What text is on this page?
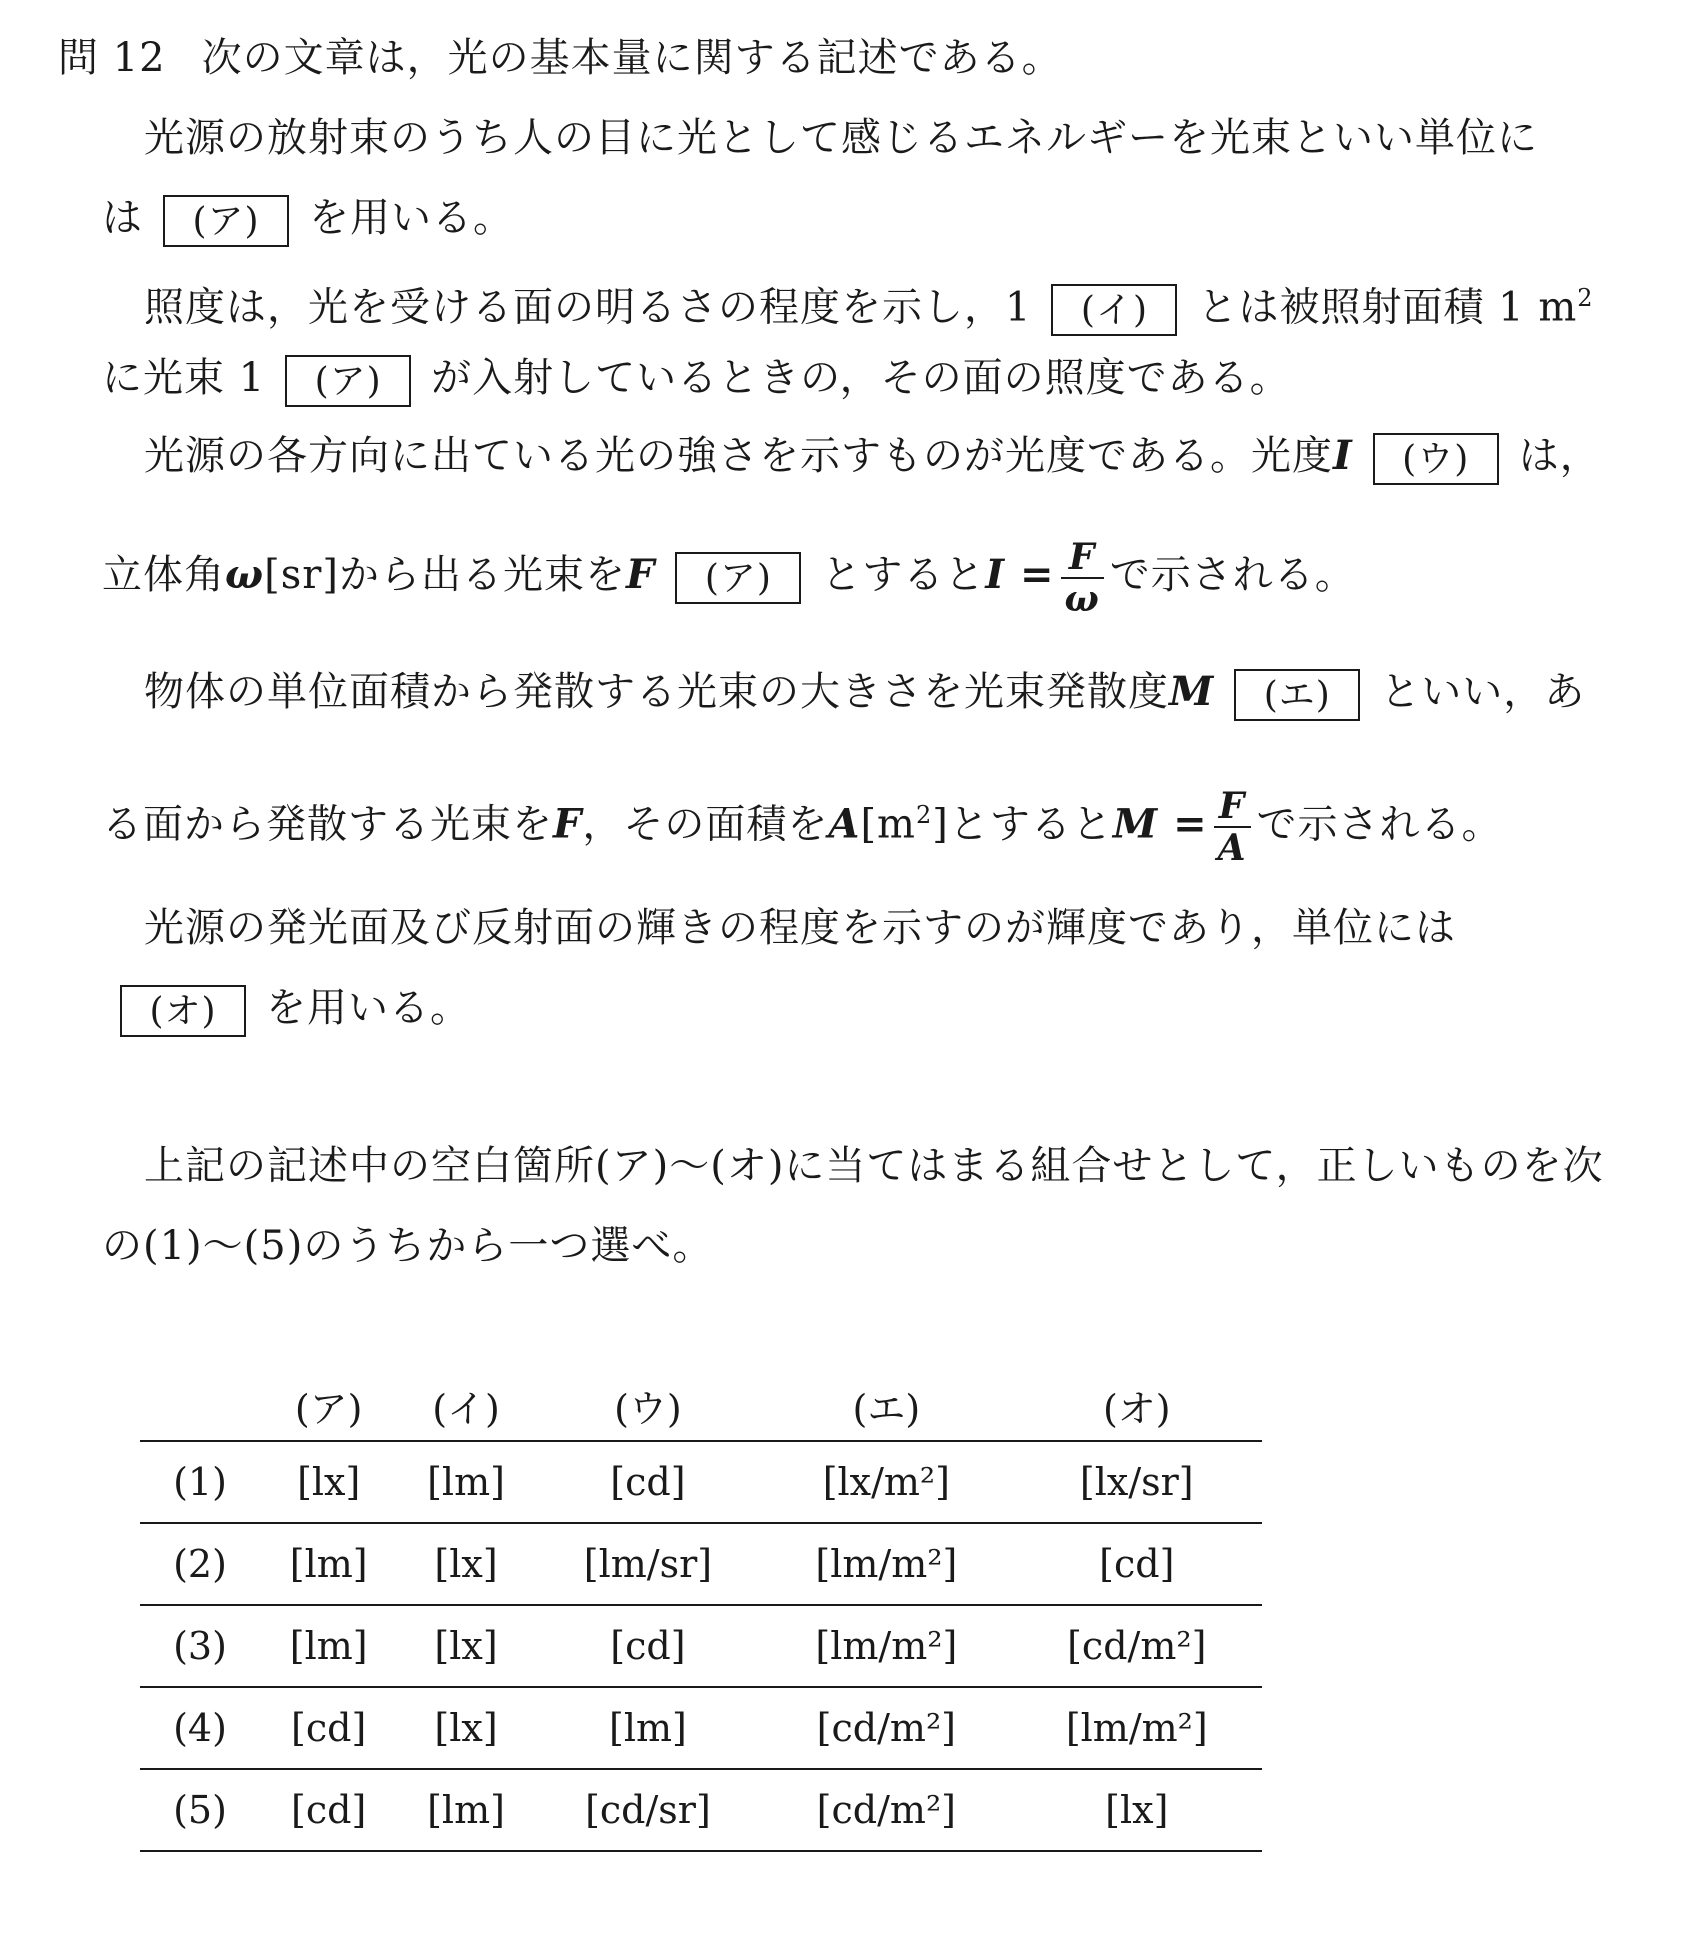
問 12 次の文章は，光の基本量に関する記述である。
光源の放射束のうち人の目に光として感じるエネルギーを光束といい単位に
は (ア) を用いる。
照度は，光を受ける面の明るさの程度を示し，1 (イ) とは被照射面積 1 $m^2$
に光束 1 (ア) が入射しているときの，その面の照度である。
光源の各方向に出ている光の強さを示すものが光度である。光度I (ウ) は，
立体角ω[sr]から出る光束をF (ア) とすると$I = \frac{F}{\omega}$ で示される。
物体の単位面積から発散する光束の大きさを光束発散度M (エ) といい，あ
る面から発散する光束をF，その面積を$A[m^2]$とすると$M = \frac{F}{A}$ で示される。
光源の発光面及び反射面の輝きの程度を示すのが輝度であり，単位には
(オ) を用いる。
上記の記述中の空白箇所(ア)～(オ)に当てはまる組合せとして，正しいものを次
の(1)～(5)のうちから一つ選べ。
	(ア)	(イ)	(ウ)	(エ)	(オ)
(1)	[lx]	[lm]	[cd]	[lx/m²]	[lx/sr]
(2)	[lm]	[lx]	[lm/sr]	[lm/m²]	[cd]
(3)	[lm]	[lx]	[cd]	[lm/m²]	[cd/m²]
(4)	[cd]	[lx]	[lm]	[cd/m²]	[lm/m²]
(5)	[cd]	[lm]	[cd/sr]	[cd/m²]	[lx]
